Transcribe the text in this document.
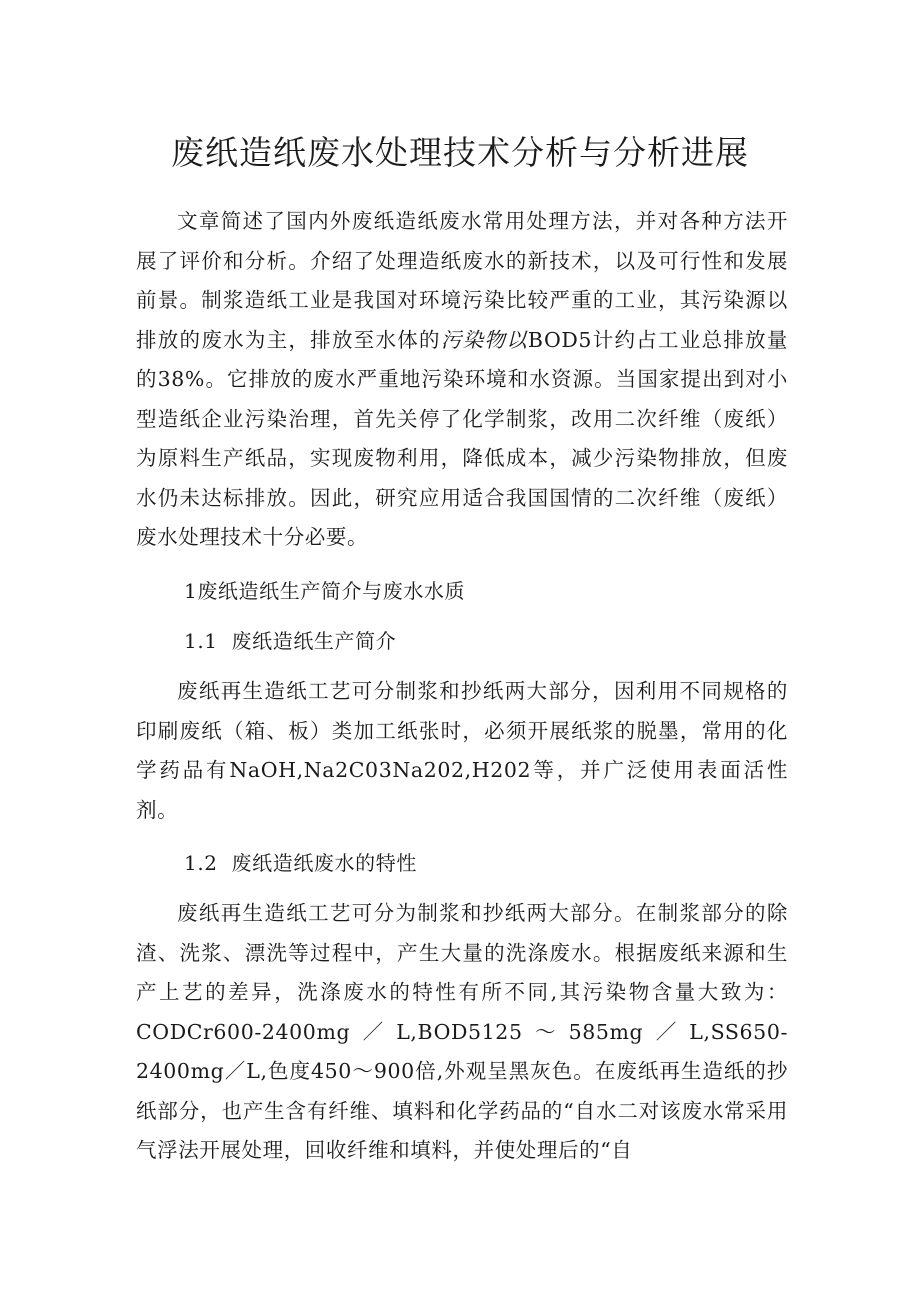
废纸造纸废水处理技术分析与分析进展

文章简述了国内外废纸造纸废水常用处理方法，并对各种方法开展了评价和分析。介绍了处理造纸废水的新技术，以及可行性和发展前景。制浆造纸工业是我国对环境污染比较严重的工业，其污染源以排放的废水为主，排放至水体的污染物以BOD5计约占工业总排放量的38%。它排放的废水严重地污染环境和水资源。当国家提出到对小型造纸企业污染治理，首先关停了化学制浆，改用二次纤维（废纸）为原料生产纸品，实现废物利用，降低成本，减少污染物排放，但废水仍未达标排放。因此，研究应用适合我国国情的二次纤维（废纸）废水处理技术十分必要。

1废纸造纸生产简介与废水水质

1.1  废纸造纸生产简介

废纸再生造纸工艺可分制浆和抄纸两大部分，因利用不同规格的印刷废纸（箱、板）类加工纸张时，必须开展纸浆的脱墨，常用的化学药品有NaOH,Na2C03Na202,H202等，并广泛使用表面活性剂。

1.2  废纸造纸废水的特性

废纸再生造纸工艺可分为制浆和抄纸两大部分。在制浆部分的除渣、洗浆、漂洗等过程中，产生大量的洗涤废水。根据废纸来源和生产上艺的差异，洗涤废水的特性有所不同,其污染物含量大致为：CODCr600-2400mg／L,BOD5125～585mg／L,SS650-2400mg／L,色度450～900倍,外观呈黑灰色。在废纸再生造纸的抄纸部分，也产生含有纤维、填料和化学药品的“自水二对该废水常采用气浮法开展处理，回收纤维和填料，并使处理后的“自
